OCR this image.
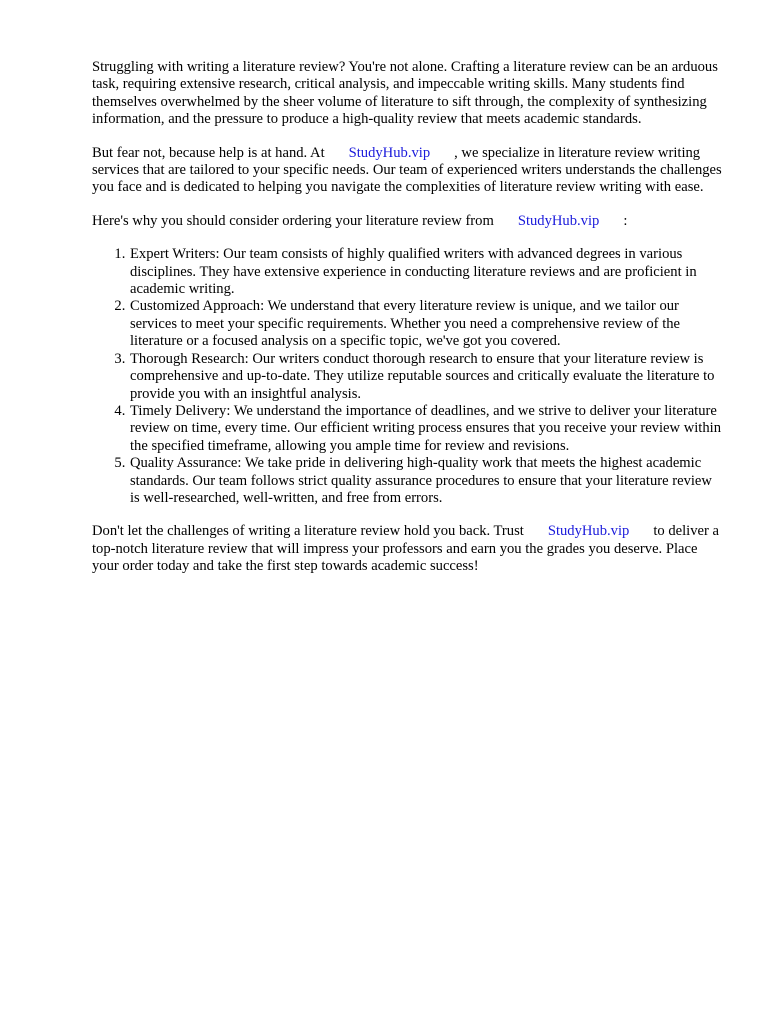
Struggling with writing a literature review? You're not alone. Crafting a literature review can be an arduous task, requiring extensive research, critical analysis, and impeccable writing skills. Many students find themselves overwhelmed by the sheer volume of literature to sift through, the complexity of synthesizing information, and the pressure to produce a high-quality review that meets academic standards.

But fear not, because help is at hand. At StudyHub.vip , we specialize in literature review writing services that are tailored to your specific needs. Our team of experienced writers understands the challenges you face and is dedicated to helping you navigate the complexities of literature review writing with ease.

Here's why you should consider ordering your literature review from StudyHub.vip :

1. Expert Writers: Our team consists of highly qualified writers with advanced degrees in various disciplines. They have extensive experience in conducting literature reviews and are proficient in academic writing.
2. Customized Approach: We understand that every literature review is unique, and we tailor our services to meet your specific requirements. Whether you need a comprehensive review of the literature or a focused analysis on a specific topic, we've got you covered.
3. Thorough Research: Our writers conduct thorough research to ensure that your literature review is comprehensive and up-to-date. They utilize reputable sources and critically evaluate the literature to provide you with an insightful analysis.
4. Timely Delivery: We understand the importance of deadlines, and we strive to deliver your literature review on time, every time. Our efficient writing process ensures that you receive your review within the specified timeframe, allowing you ample time for review and revisions.
5. Quality Assurance: We take pride in delivering high-quality work that meets the highest academic standards. Our team follows strict quality assurance procedures to ensure that your literature review is well-researched, well-written, and free from errors.

Don't let the challenges of writing a literature review hold you back. Trust StudyHub.vip to deliver a top-notch literature review that will impress your professors and earn you the grades you deserve. Place your order today and take the first step towards academic success!
